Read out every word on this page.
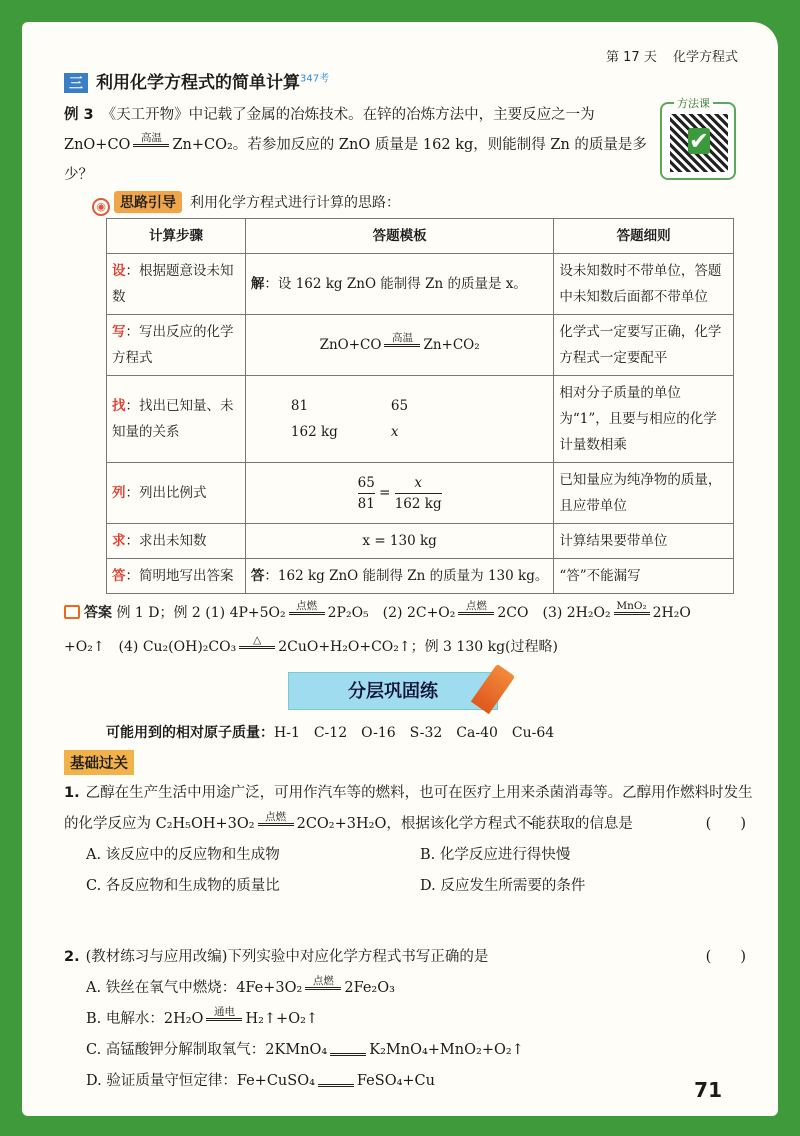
第 17 天 化学方程式
三 利用化学方程式的简单计算$^{347考}$
例 3 《天工开物》中记载了金属的冶炼技术。在锌的冶炼方法中，主要反应之一为
ZnO+CO	高温 Zn+CO₂。若参加反应的 ZnO 质量是 162 kg，则能制得 Zn 的质量是多少？
方法课
✔
◉ 思路引导 利用化学方程式进行计算的思路：
计算步骤	答题模板	答题细则
设：根据题意设未知数	解：设 162 kg ZnO 能制得 Zn 的质量是 x。	设未知数时不带单位，答题中未知数后面都不带单位
写：写出反应的化学方程式	ZnO+CO 高温 Zn+CO₂	化学式一定要写正确，化学方程式一定要配平
找：找出已知量、未知量的关系	81 65
162 kg x	相对分子质量的单位为“1”，且要与相应的化学计量数相乘
列：列出比例式	$\frac{65}{81} = \frac{x}{162 kg}$	已知量应为纯净物的质量，且应带单位
求：求出未知数	x = 130 kg	计算结果要带单位
答：简明地写出答案	答：162 kg ZnO 能制得 Zn 的质量为 130 kg。	“答”不能漏写
答案 例 1 D；例 2 (1) 4P+5O₂	点燃 2P₂O₅　(2) 2C+O₂	点燃 2CO　(3) 2H₂O₂ MnO₂ 2H₂O
+O₂↑　(4) Cu₂(OH)₂CO₃	△	2CuO+H₂O+CO₂↑；例 3 130 kg(过程略)
分层巩固练
可能用到的相对原子质量：H-1　C-12　O-16　S-32　Ca-40　Cu-64
基础过关
1. 乙醇在生产生活中用途广泛，可用作汽车等的燃料，也可在医疗上用来杀菌消毒等。乙醇用作燃料时发生的化学反应为 C₂H₅OH+3O₂	点燃 2CO₂+3H₂O，根据该化学方程式不能 •获取的信息是	(　　)
A. 该反应中的反应物和生成物	B. 化学反应进行得快慢
C. 各反应物和生成物的质量比	D. 反应发生所需要的条件
2. (教材练习与应用改编)下列实验中对应化学方程式书写正确的是	(　　)
A. 铁丝在氧气中燃烧：4Fe+3O₂	点燃 2Fe₂O₃
B. 电解水：2H₂O	通电 H₂↑+O₂↑
C. 高锰酸钾分解制取氧气：2KMnO₄	K₂MnO₄+MnO₂+O₂↑
D. 验证质量守恒定律：Fe+CuSO₄	FeSO₄+Cu	71
